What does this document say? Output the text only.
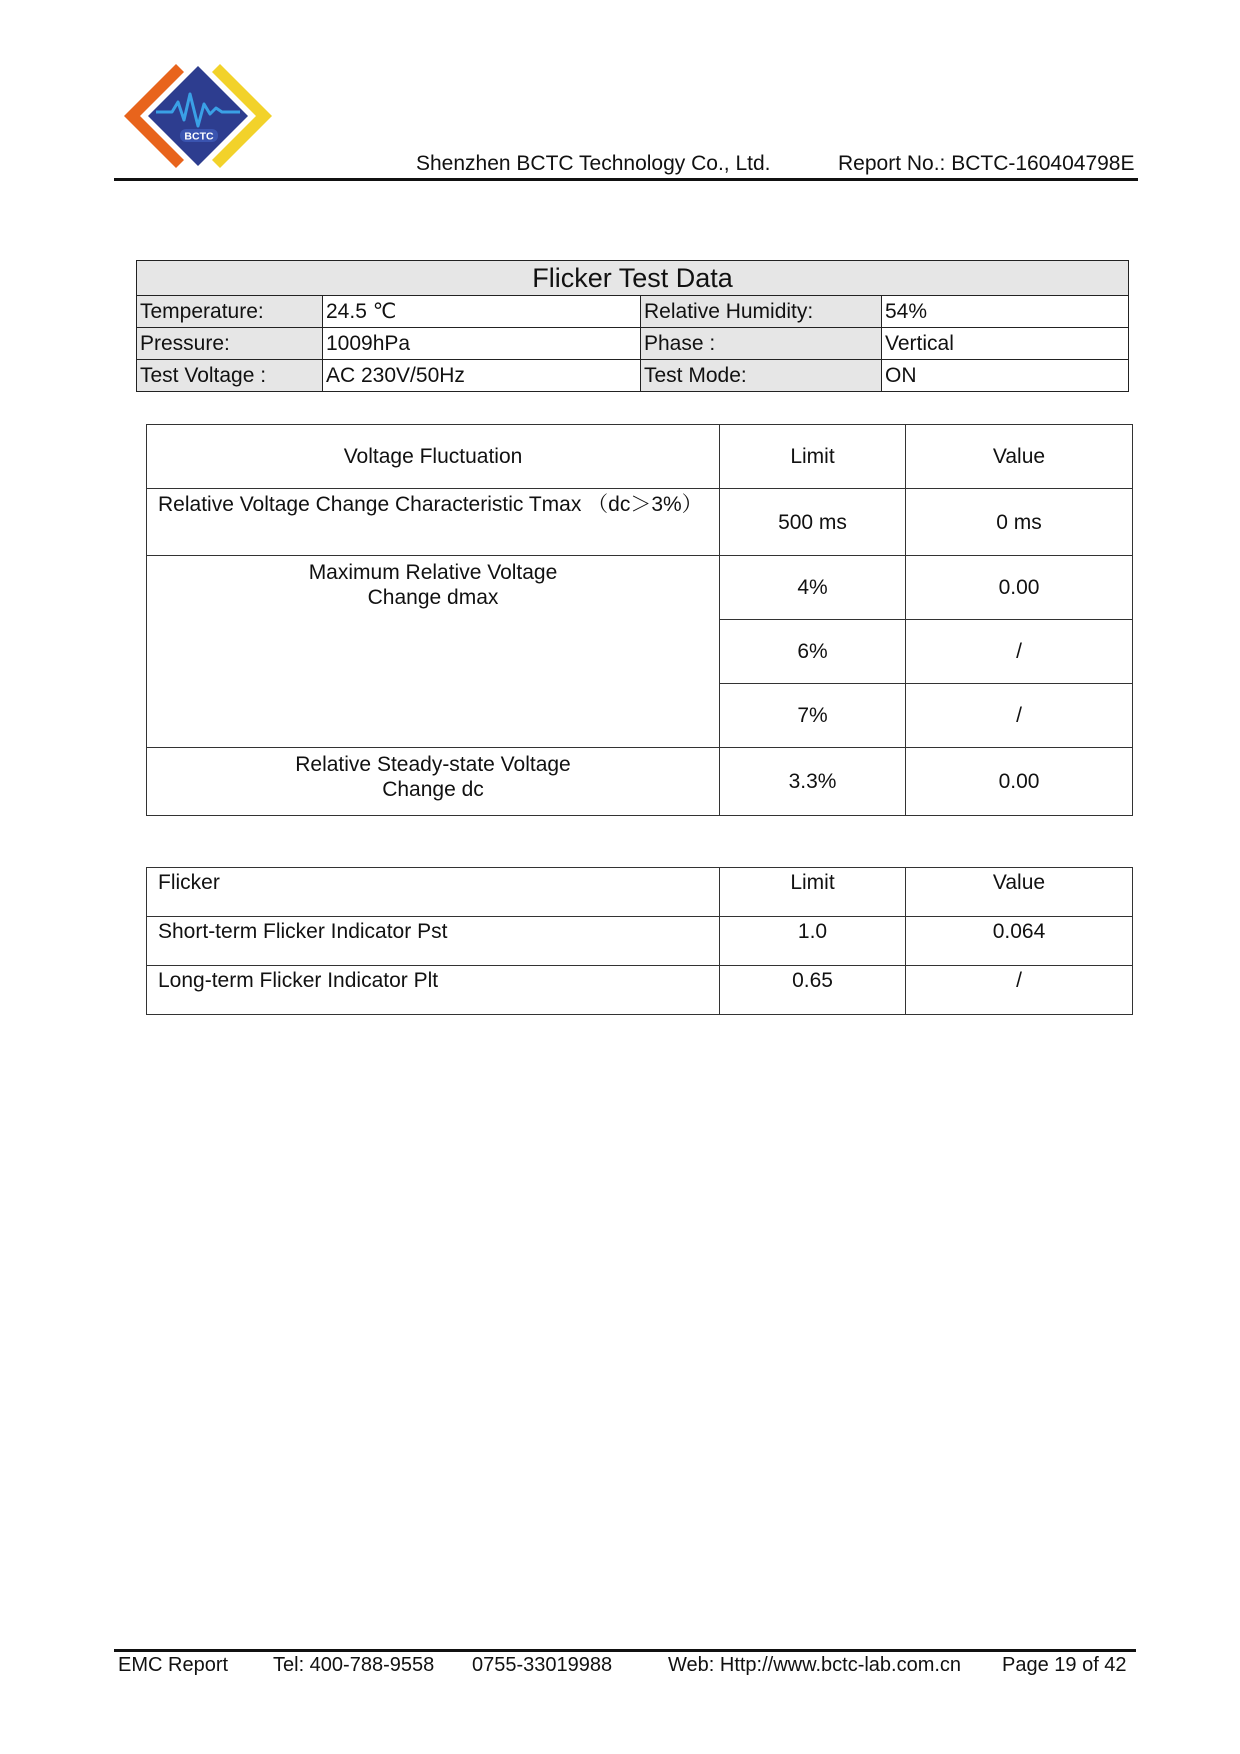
BCTC
Shenzhen BCTC Technology Co., Ltd.	Report No.: BCTC-160404798E
Flicker Test Data			
Temperature:	24.5 ℃	Relative Humidity:	54%
Pressure:	1009hPa	Phase :	Vertical
Test Voltage :	AC 230V/50Hz	Test Mode:	ON
Voltage Fluctuation	Limit	Value
Relative Voltage Change Characteristic Tmax （dc＞3%）	500 ms	0 ms

Maximum Relative Voltage
Change dmax	4%	0.00
	6%	/
	7%	/

Relative Steady-state Voltage
Change dc	3.3%	0.00
Flicker	Limit	Value
Short-term Flicker Indicator Pst	1.0	0.064
Long-term Flicker Indicator Plt	0.65	/
EMC Report Tel: 400-788-9558 0755-33019988	Web: Http://www.bctc-lab.com.cn Page 19 of 42
